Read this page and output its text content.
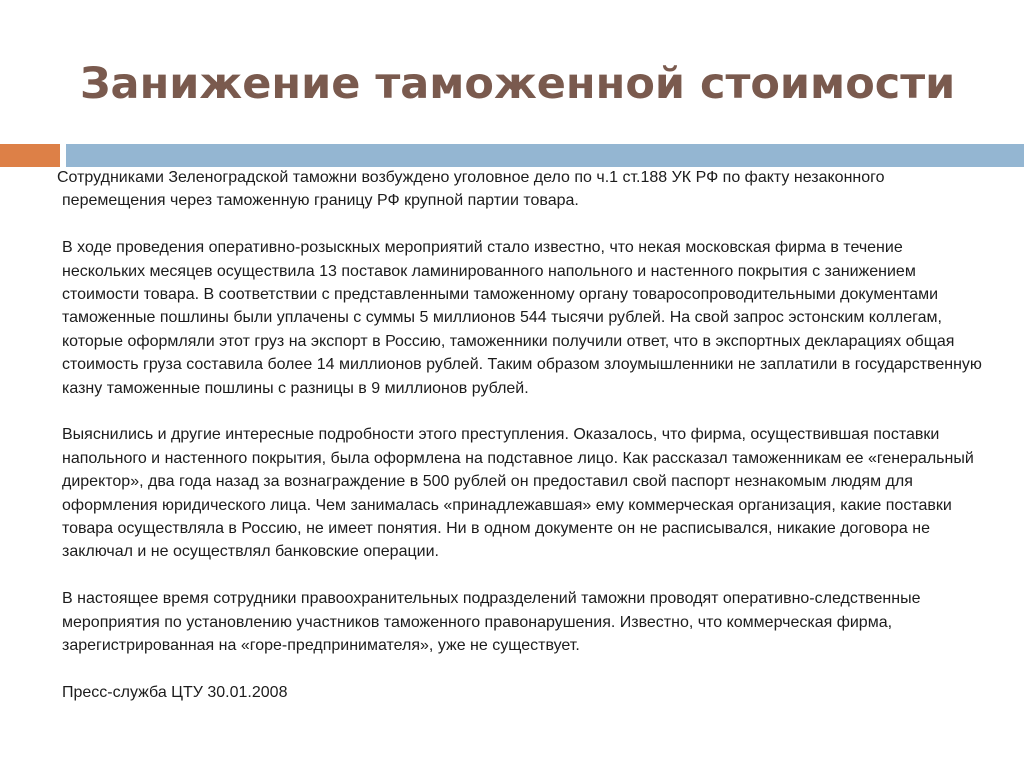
Занижение таможенной стоимости

Сотрудниками Зеленоградской таможни возбуждено уголовное дело по ч.1 ст.188 УК РФ по факту незаконного перемещения через таможенную границу РФ крупной партии товара.

В ходе проведения оперативно-розыскных мероприятий стало известно, что некая московская фирма в течение нескольких месяцев осуществила 13 поставок ламинированного напольного и настенного покрытия с занижением стоимости товара. В соответствии с представленными таможенному органу товаросопроводительными документами таможенные пошлины были уплачены с суммы 5 миллионов 544 тысячи рублей. На свой запрос эстонским коллегам, которые оформляли этот груз на экспорт в Россию, таможенники получили ответ, что в экспортных декларациях общая стоимость груза составила более 14 миллионов рублей. Таким образом злоумышленники не заплатили в государственную казну таможенные пошлины с разницы в 9 миллионов рублей.

Выяснились и другие интересные подробности этого преступления. Оказалось, что фирма, осуществившая поставки напольного и настенного покрытия, была оформлена на подставное лицо. Как рассказал таможенникам ее «генеральный директор», два года назад за вознаграждение в 500 рублей он предоставил свой паспорт незнакомым людям для оформления юридического лица. Чем занималась «принадлежавшая» ему коммерческая организация, какие поставки товара осуществляла в Россию, не имеет понятия. Ни в одном документе он не расписывался, никакие договора не заключал и не осуществлял банковские операции.

В настоящее время сотрудники правоохранительных подразделений таможни проводят оперативно-следственные мероприятия по установлению участников таможенного правонарушения. Известно, что коммерческая фирма, зарегистрированная на «горе-предпринимателя», уже не существует.

Пресс-служба ЦТУ 30.01.2008
